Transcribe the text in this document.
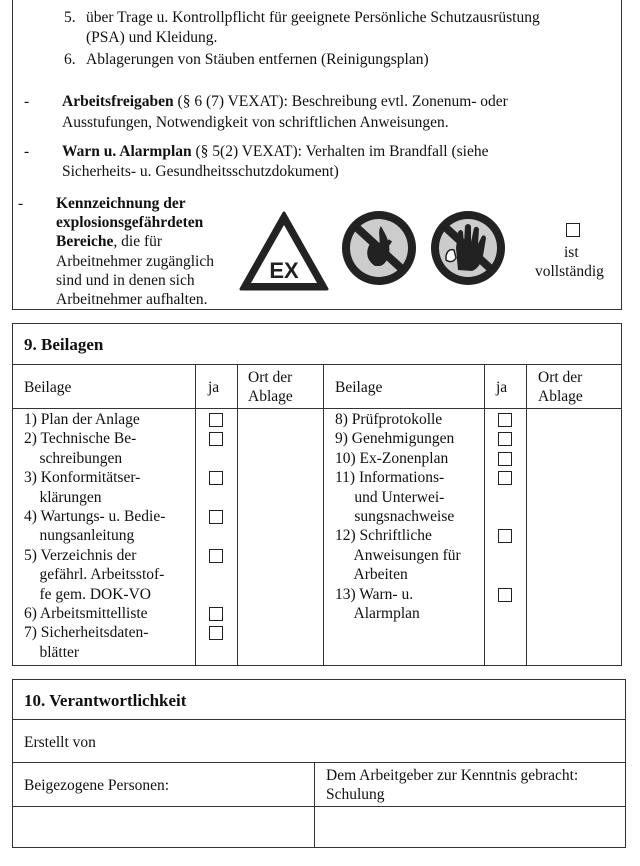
5. über Trage u. Kontrollpflicht für geeignete Persönliche Schutzausrüstung
(PSA) und Kleidung.
6. Ablagerungen von Stäuben entfernen (Reinigungsplan)
- Arbeitsfreigaben (§ 6 (7) VEXAT): Beschreibung evtl. Zonenum- oder
Ausstufungen, Notwendigkeit von schriftlichen Anweisungen.
- Warn u. Alarmplan (§ 5(2) VEXAT): Verhalten im Brandfall (siehe
Sicherheits- u. Gesundheitsschutzdokument)
- Kennzeichnung der
explosionsgefährdeten
Bereiche, die für
Arbeitnehmer zugänglich
sind und in denen sich
Arbeitnehmer aufhalten.
EX
ist
vollständig
9. Beilagen
Beilage	ja
Ort der
Ablage
Beilage	ja
Ort der
Ablage
1) Plan der Anlage
2) Technische Be-
schreibungen
3) Konformitätser-
klärungen
4) Wartungs- u. Bedie-
nungsanleitung
5) Verzeichnis der
gefährl. Arbeitsstof-
fe gem. DOK-VO
6) Arbeitsmittelliste
7) Sicherheitsdaten-
blätter
8) Prüfprotokolle
9) Genehmigungen
10) Ex-Zonenplan
11) Informations-
und Unterwei-
sungsnachweise
12) Schriftliche
Anweisungen für
Arbeiten
13) Warn- u.
Alarmplan
10. Verantwortlichkeit
Erstellt von
Beigezogene Personen:
Dem Arbeitgeber zur Kenntnis gebracht:
Schulung
